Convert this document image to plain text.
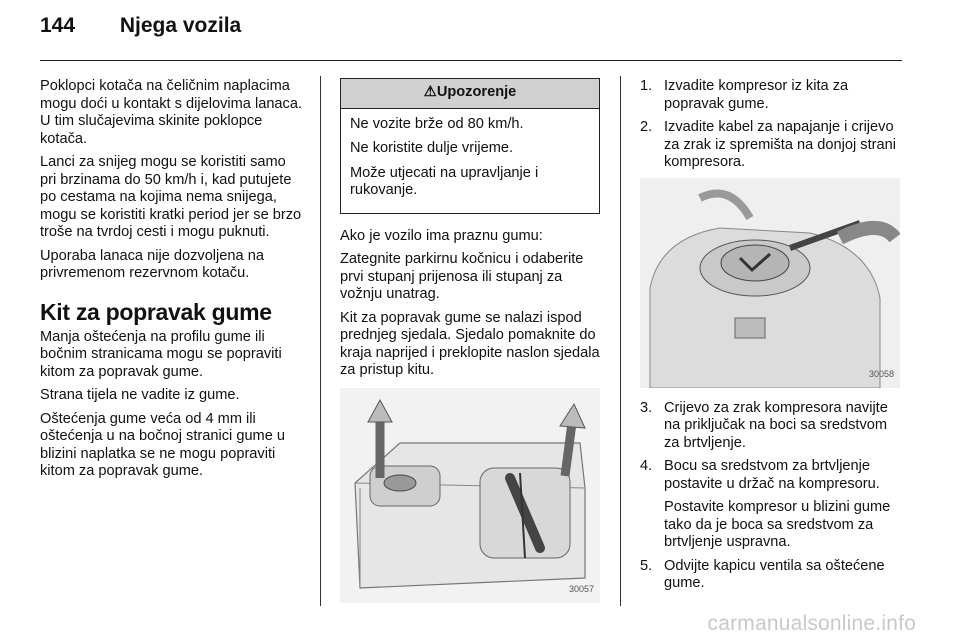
144 Njega vozila

Poklopci kotača na čeličnim naplacima mogu doći u kontakt s dijelovima lanaca. U tim slučajevima skinite poklopce kotača.

Lanci za snijeg mogu se koristiti samo pri brzinama do 50 km/h i, kad putujete po cestama na kojima nema snijega, mogu se koristiti kratki period jer se brzo troše na tvrdoj cesti i mogu puknuti.

Uporaba lanaca nije dozvoljena na privremenom rezervnom kotaču.

Kit za popravak gume

Manja oštećenja na profilu gume ili bočnim stranicama mogu se popraviti kitom za popravak gume.

Strana tijela ne vadite iz gume.

Oštećenja gume veća od 4 mm ili oštećenja u na bočnoj stranici gume u blizini naplatka se ne mogu popraviti kitom za popravak gume.

⚠Upozorenje

Ne vozite brže od 80 km/h.

Ne koristite dulje vrijeme.

Može utjecati na upravljanje i rukovanje.

Ako je vozilo ima praznu gumu:

Zategnite parkirnu kočnicu i odaberite prvi stupanj prijenosa ili stupanj za vožnju unatrag.

Kit za popravak gume se nalazi ispod prednjeg sjedala. Sjedalo pomaknite do kraja naprijed i preklopite naslon sjedala za pristup kitu.

30057
1. Izvadite kompresor iz kita za popravak gume.
2. Izvadite kabel za napajanje i crijevo za zrak iz spremišta na donjoj strani kompresora.
30058
3. Crijevo za zrak kompresora navijte na priključak na boci sa sredstvom za brtvljenje.
4. Bocu sa sredstvom za brtvljenje postavite u držač na kompresoru.

Postavite kompresor u blizini gume tako da je boca sa sredstvom za brtvljenje uspravna.

5. Odvijte kapicu ventila sa oštećene gume.
carmanualsonline.info
